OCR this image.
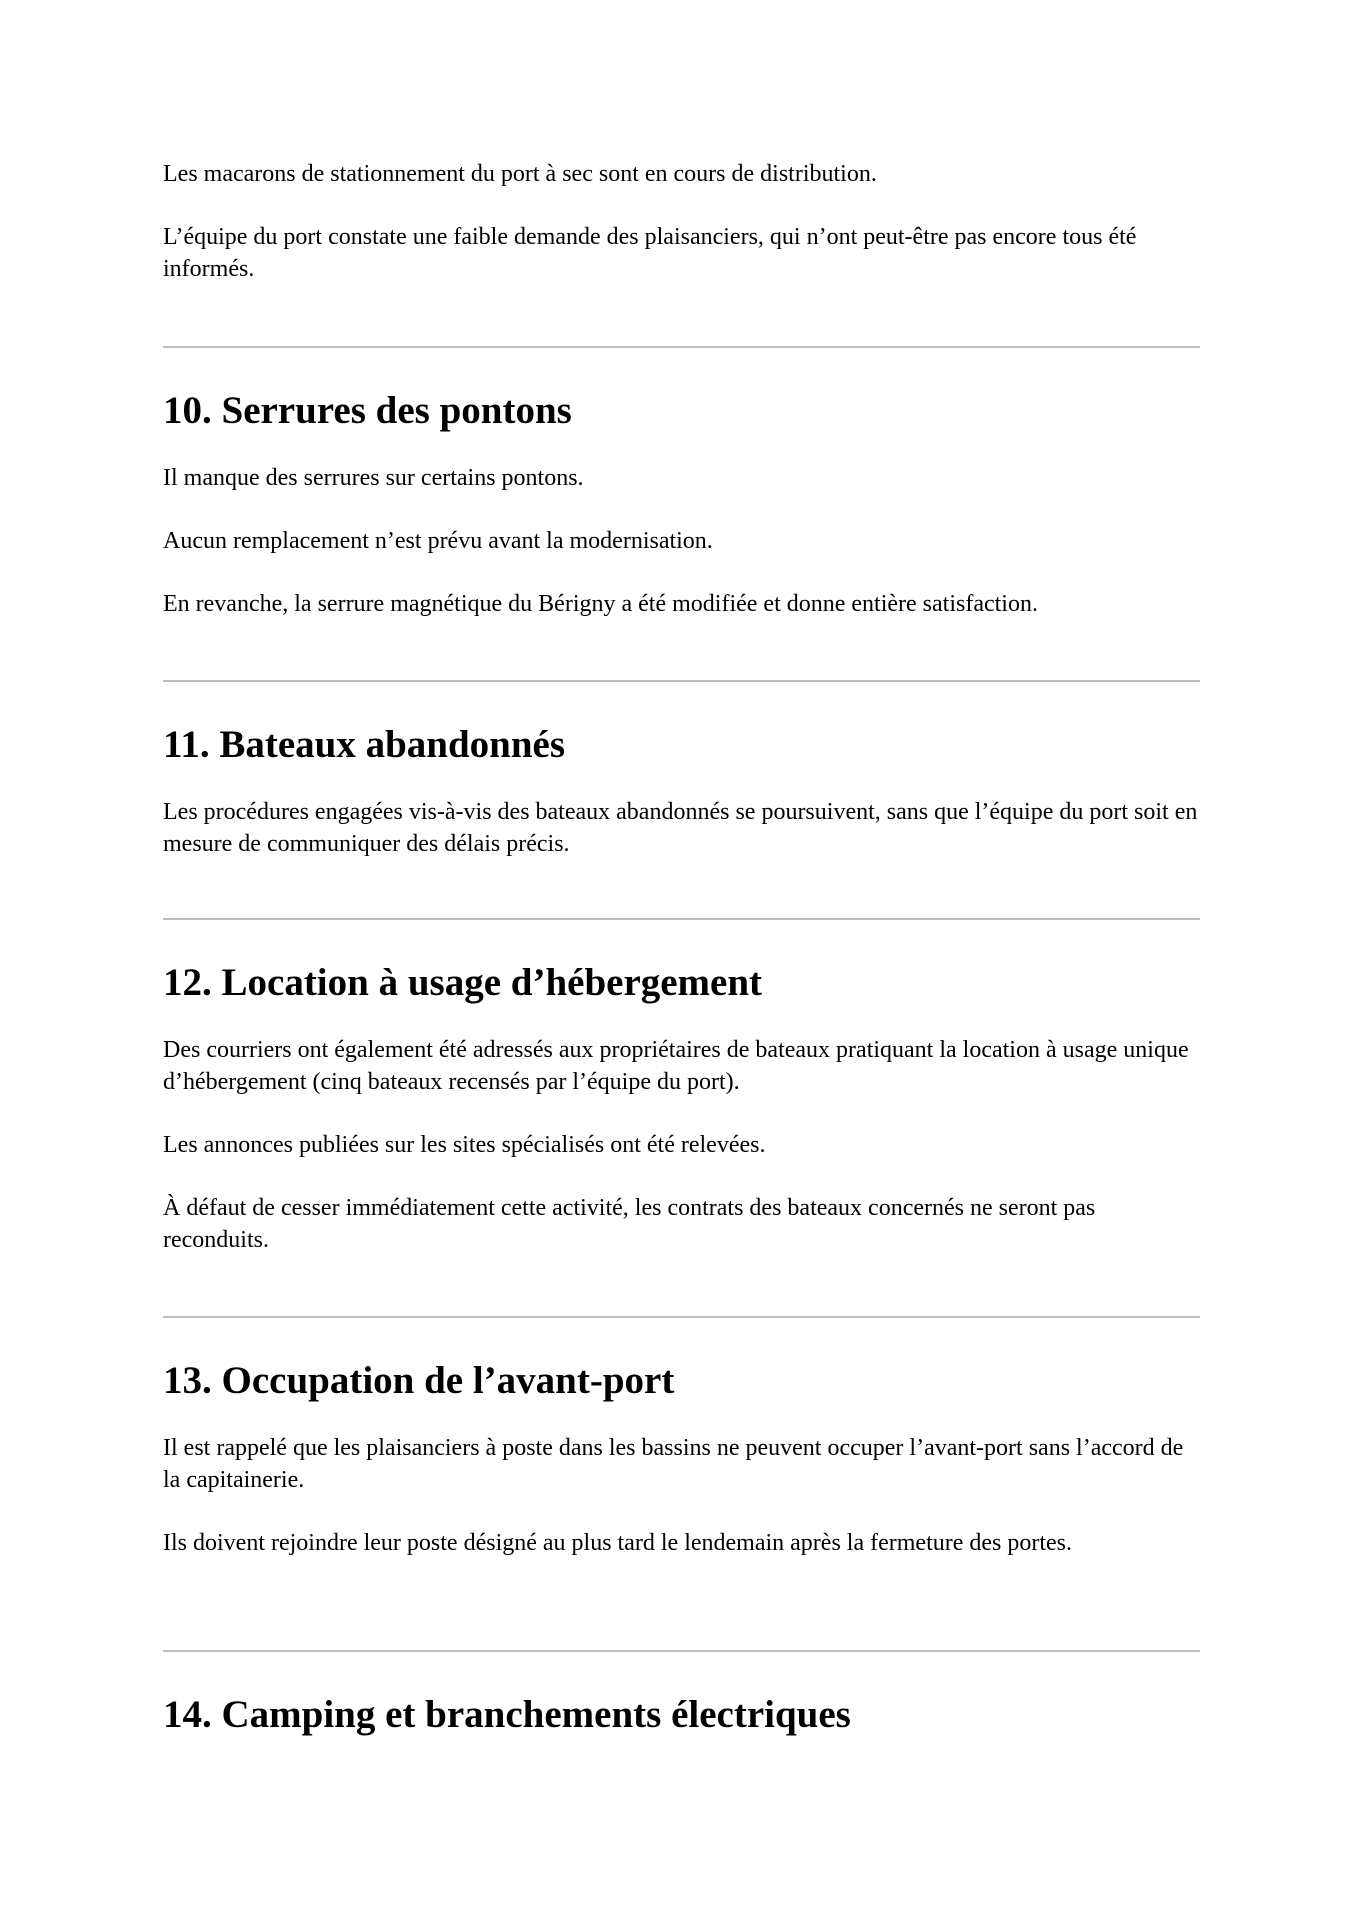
Les macarons de stationnement du port à sec sont en cours de distribution.

L’équipe du port constate une faible demande des plaisanciers, qui n’ont peut-être pas encore tous été informés.

10. Serrures des pontons

Il manque des serrures sur certains pontons.

Aucun remplacement n’est prévu avant la modernisation.

En revanche, la serrure magnétique du Bérigny a été modifiée et donne entière satisfaction.

11. Bateaux abandonnés

Les procédures engagées vis-à-vis des bateaux abandonnés se poursuivent, sans que l’équipe du port soit en mesure de communiquer des délais précis.

12. Location à usage d’hébergement

Des courriers ont également été adressés aux propriétaires de bateaux pratiquant la location à usage unique d’hébergement (cinq bateaux recensés par l’équipe du port).

Les annonces publiées sur les sites spécialisés ont été relevées.

À défaut de cesser immédiatement cette activité, les contrats des bateaux concernés ne seront pas reconduits.

13. Occupation de l’avant-port

Il est rappelé que les plaisanciers à poste dans les bassins ne peuvent occuper l’avant-port sans l’accord de la capitainerie.

Ils doivent rejoindre leur poste désigné au plus tard le lendemain après la fermeture des portes.

14. Camping et branchements électriques
